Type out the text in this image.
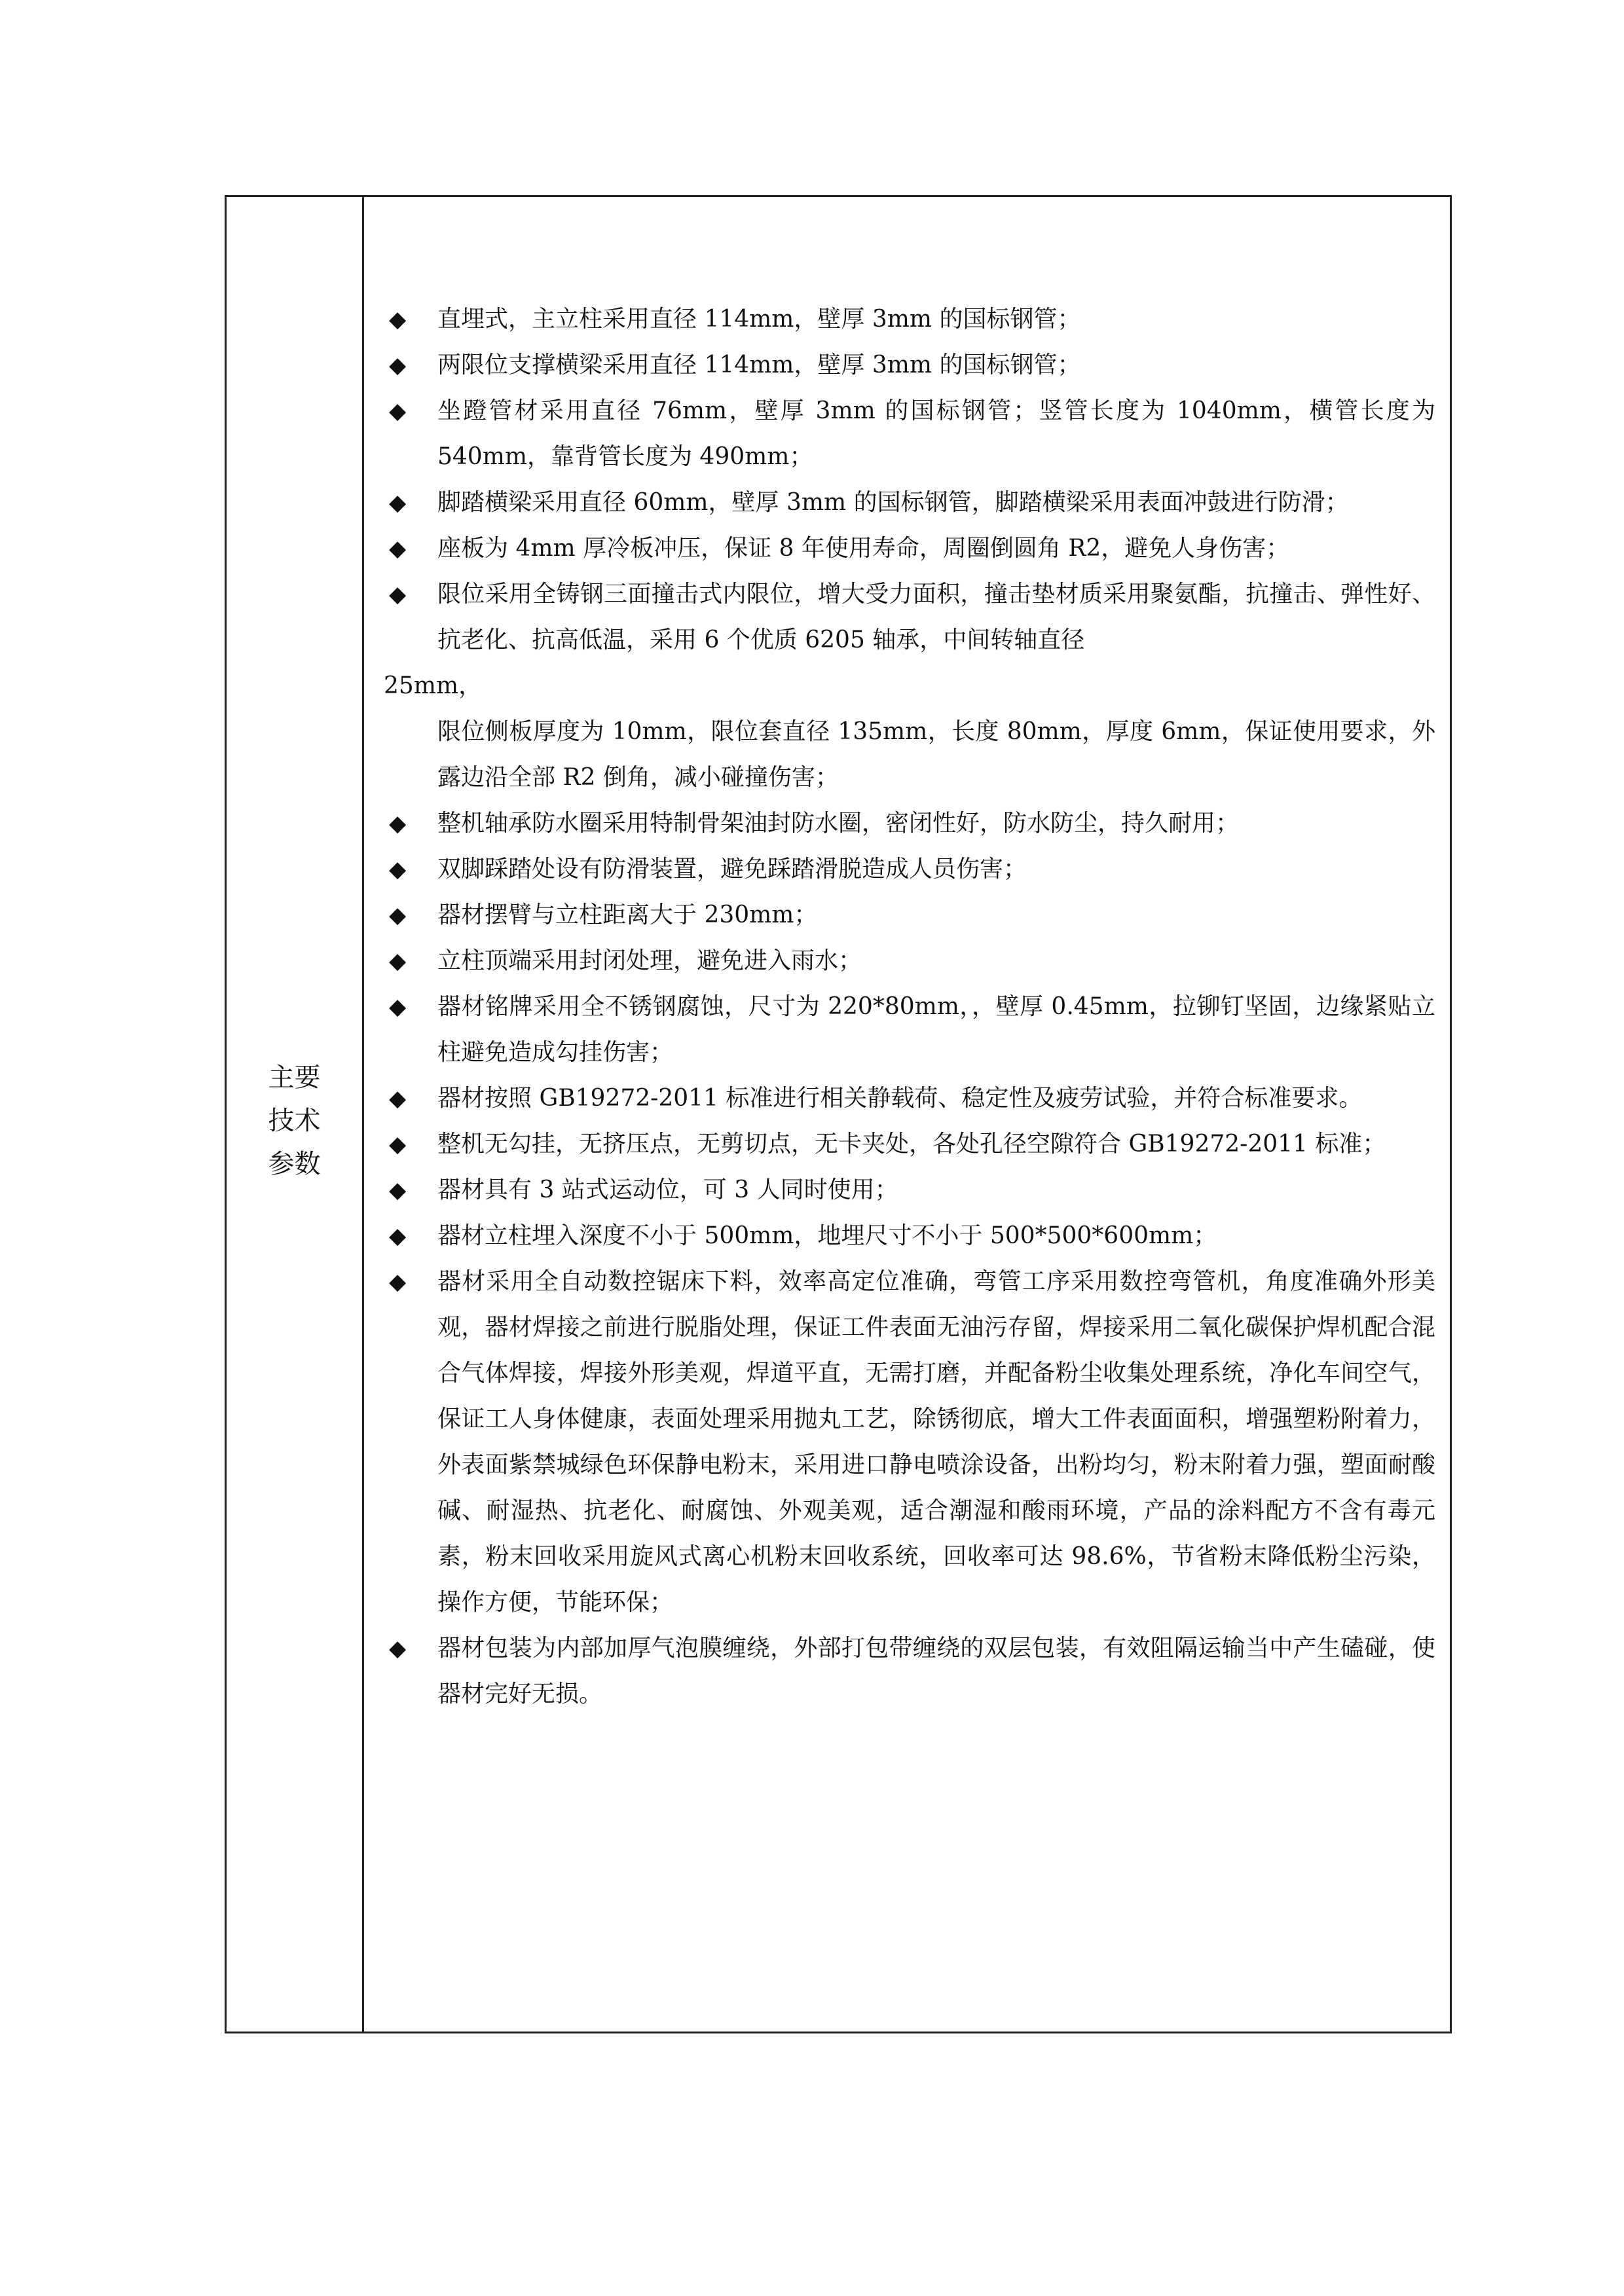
主要
技术
参数
◆ 直埋式，主立柱采用直径 114mm，壁厚 3mm 的国标钢管；
◆ 两限位支撑横梁采用直径 114mm，壁厚 3mm 的国标钢管；
◆ 坐蹬管材采用直径 76mm，壁厚 3mm 的国标钢管；竖管长度为 1040mm，横管长度为 540mm，靠背管长度为 490mm；
◆ 脚踏横梁采用直径 60mm，壁厚 3mm 的国标钢管，脚踏横梁采用表面冲鼓进行防滑；
◆ 座板为 4mm 厚冷板冲压，保证 8 年使用寿命，周圈倒圆角 R2，避免人身伤害；
◆ 限位采用全铸钢三面撞击式内限位，增大受力面积，撞击垫材质采用聚氨酯，抗撞击、弹性好、抗老化、抗高低温，采用 6 个优质 6205 轴承，中间转轴直径
25mm，
限位侧板厚度为 10mm，限位套直径 135mm，长度 80mm，厚度 6mm，保证使用要求，外露边沿全部 R2 倒角，减小碰撞伤害；
◆ 整机轴承防水圈采用特制骨架油封防水圈，密闭性好，防水防尘，持久耐用；
◆ 双脚踩踏处设有防滑装置，避免踩踏滑脱造成人员伤害；
◆ 器材摆臂与立柱距离大于 230mm；
◆ 立柱顶端采用封闭处理，避免进入雨水；
◆ 器材铭牌采用全不锈钢腐蚀，尺寸为 220*80mm，，壁厚 0.45mm，拉铆钉坚固，边缘紧贴立柱避免造成勾挂伤害；
◆ 器材按照 GB19272-2011 标准进行相关静载荷、稳定性及疲劳试验，并符合标准要求。
◆ 整机无勾挂，无挤压点，无剪切点，无卡夹处，各处孔径空隙符合 GB19272-2011 标准；
◆ 器材具有 3 站式运动位，可 3 人同时使用；
◆ 器材立柱埋入深度不小于 500mm，地埋尺寸不小于 500*500*600mm；
◆ 器材采用全自动数控锯床下料，效率高定位准确，弯管工序采用数控弯管机，角度准确外形美观，器材焊接之前进行脱脂处理，保证工件表面无油污存留，焊接采用二氧化碳保护焊机配合混合气体焊接，焊接外形美观，焊道平直，无需打磨，并配备粉尘收集处理系统，净化车间空气，保证工人身体健康，表面处理采用抛丸工艺，除锈彻底，增大工件表面面积，增强塑粉附着力，外表面紫禁城绿色环保静电粉末，采用进口静电喷涂设备，出粉均匀，粉末附着力强，塑面耐酸碱、耐湿热、抗老化、耐腐蚀、外观美观，适合潮湿和酸雨环境，产品的涂料配方不含有毒元素，粉末回收采用旋风式离心机粉末回收系统，回收率可达 98.6%，节省粉末降低粉尘污染，操作方便，节能环保；
◆ 器材包装为内部加厚气泡膜缠绕，外部打包带缠绕的双层包装，有效阻隔运输当中产生磕碰，使器材完好无损。
